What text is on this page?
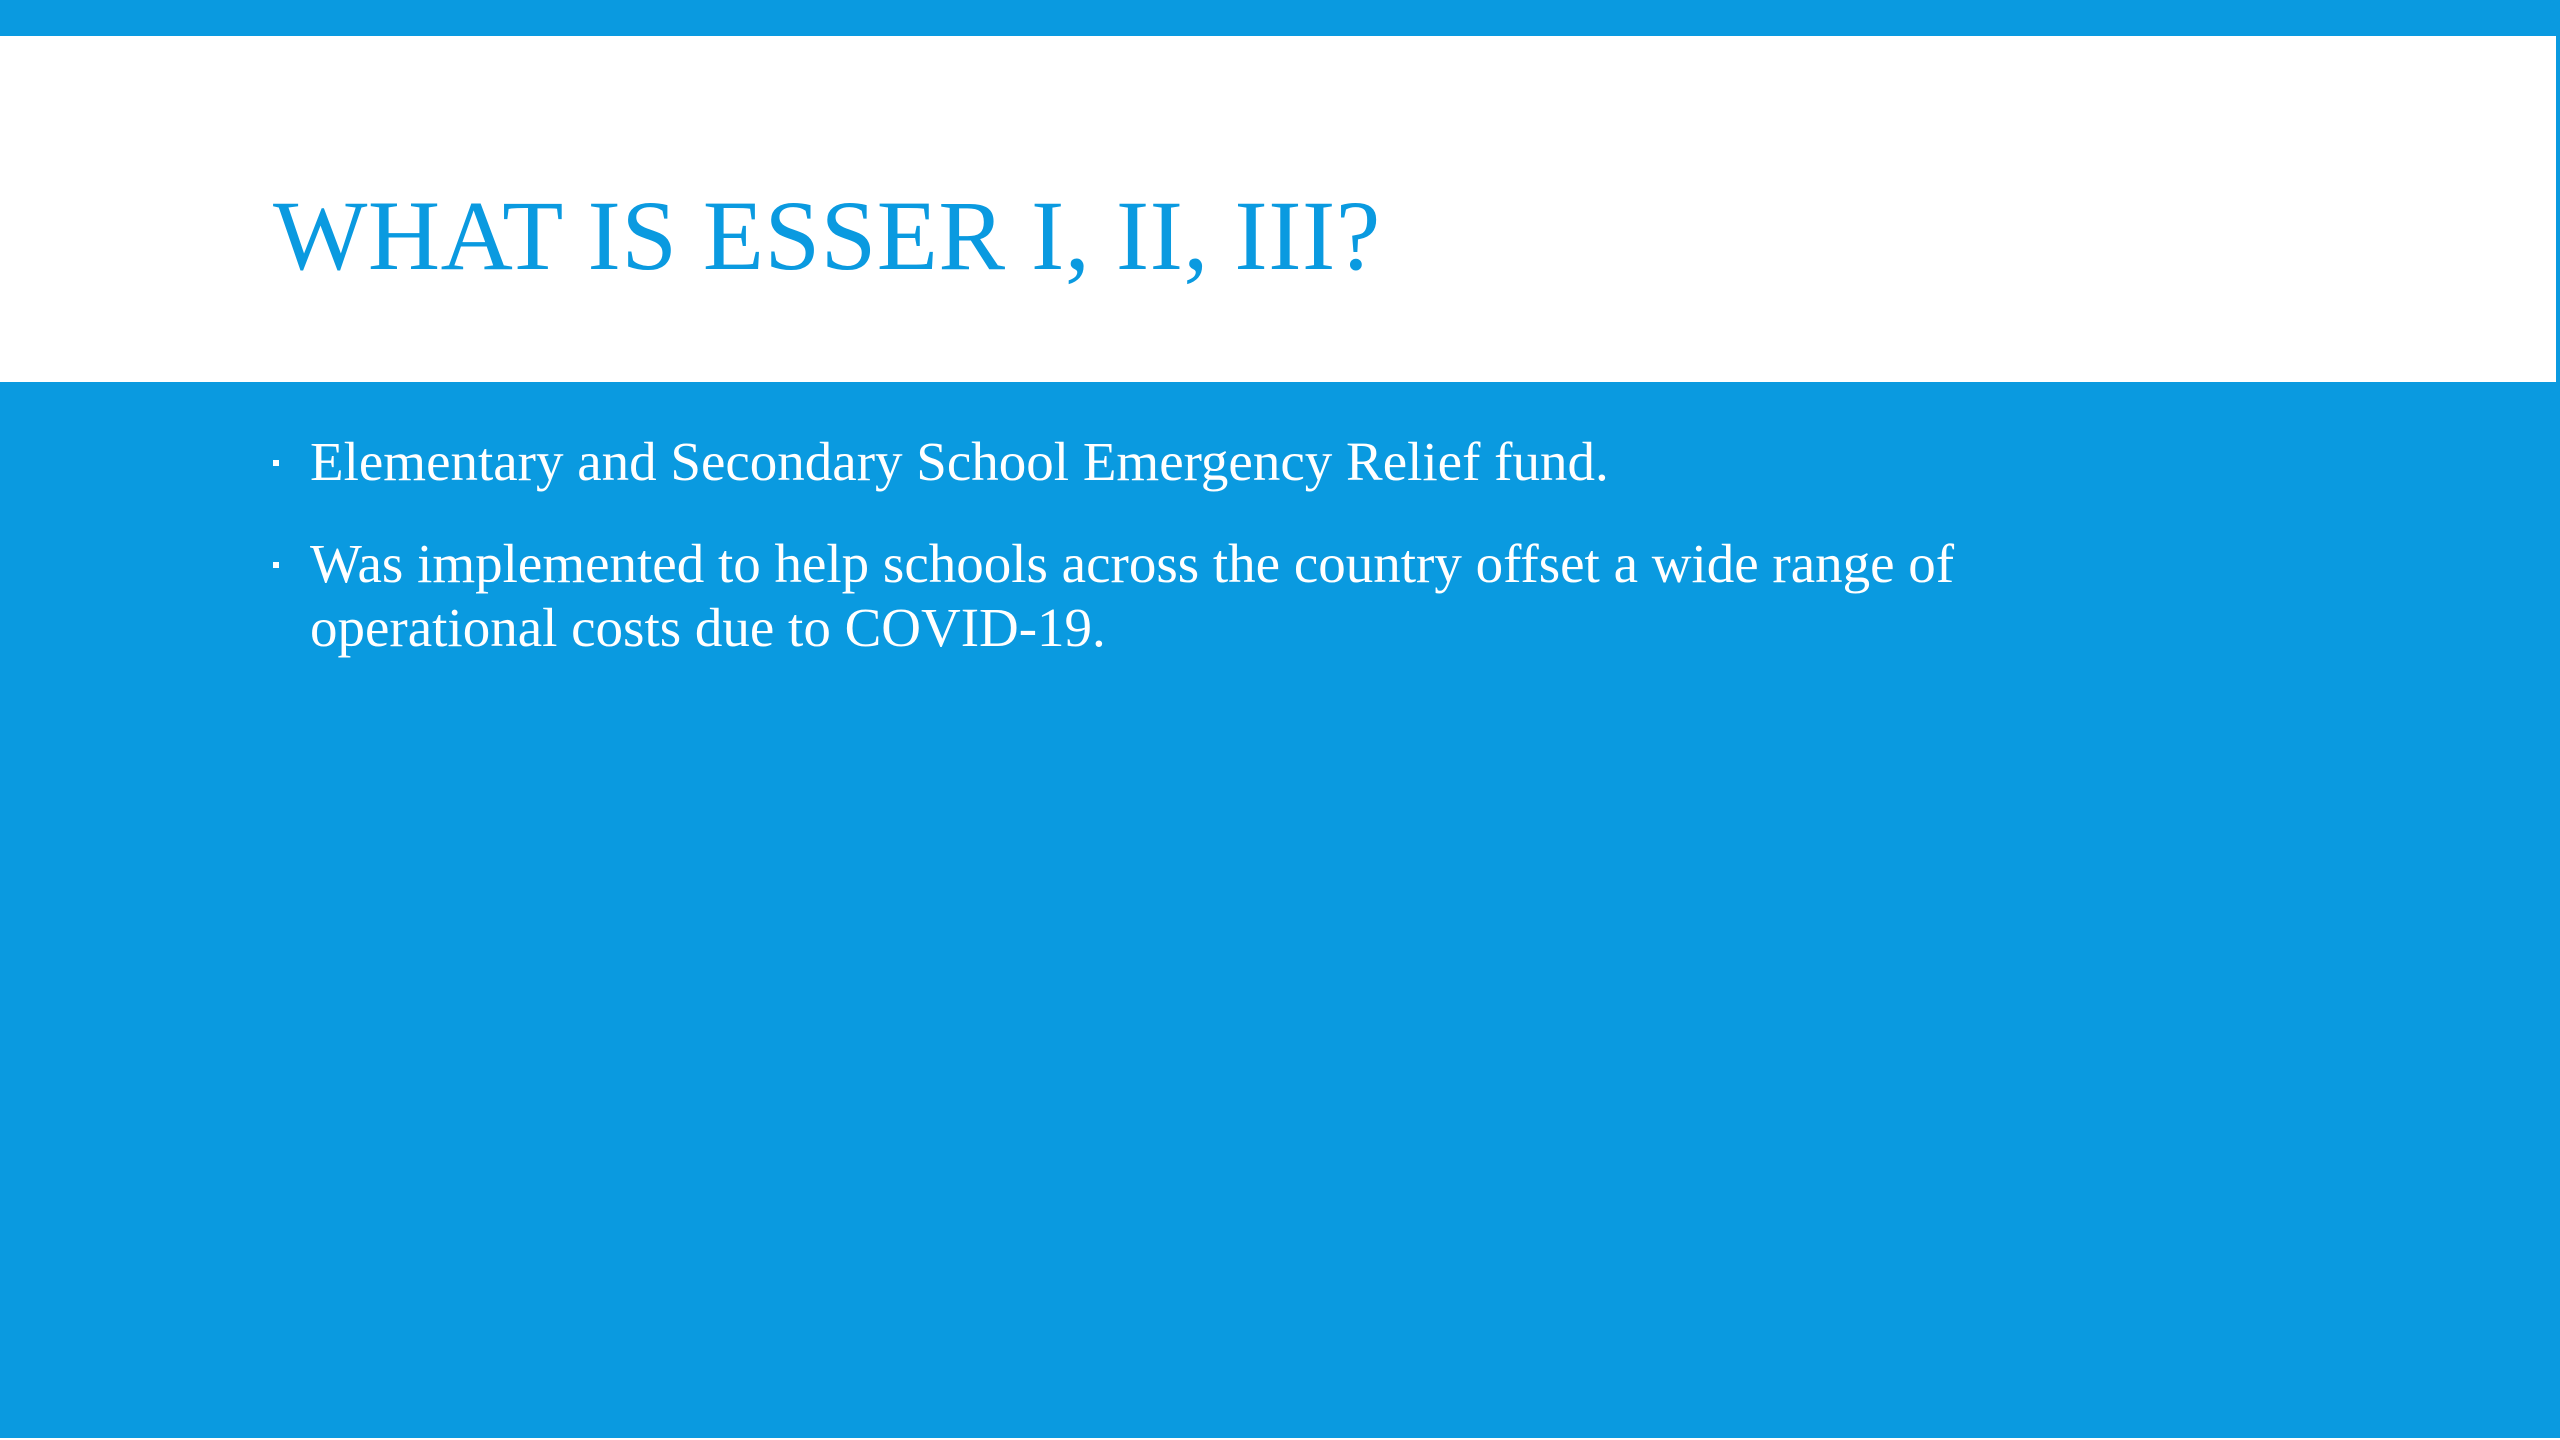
WHAT IS ESSER I, II, III?
Elementary and Secondary School Emergency Relief fund.
Was implemented to help schools across the country offset a wide range of operational costs due to COVID-19.
